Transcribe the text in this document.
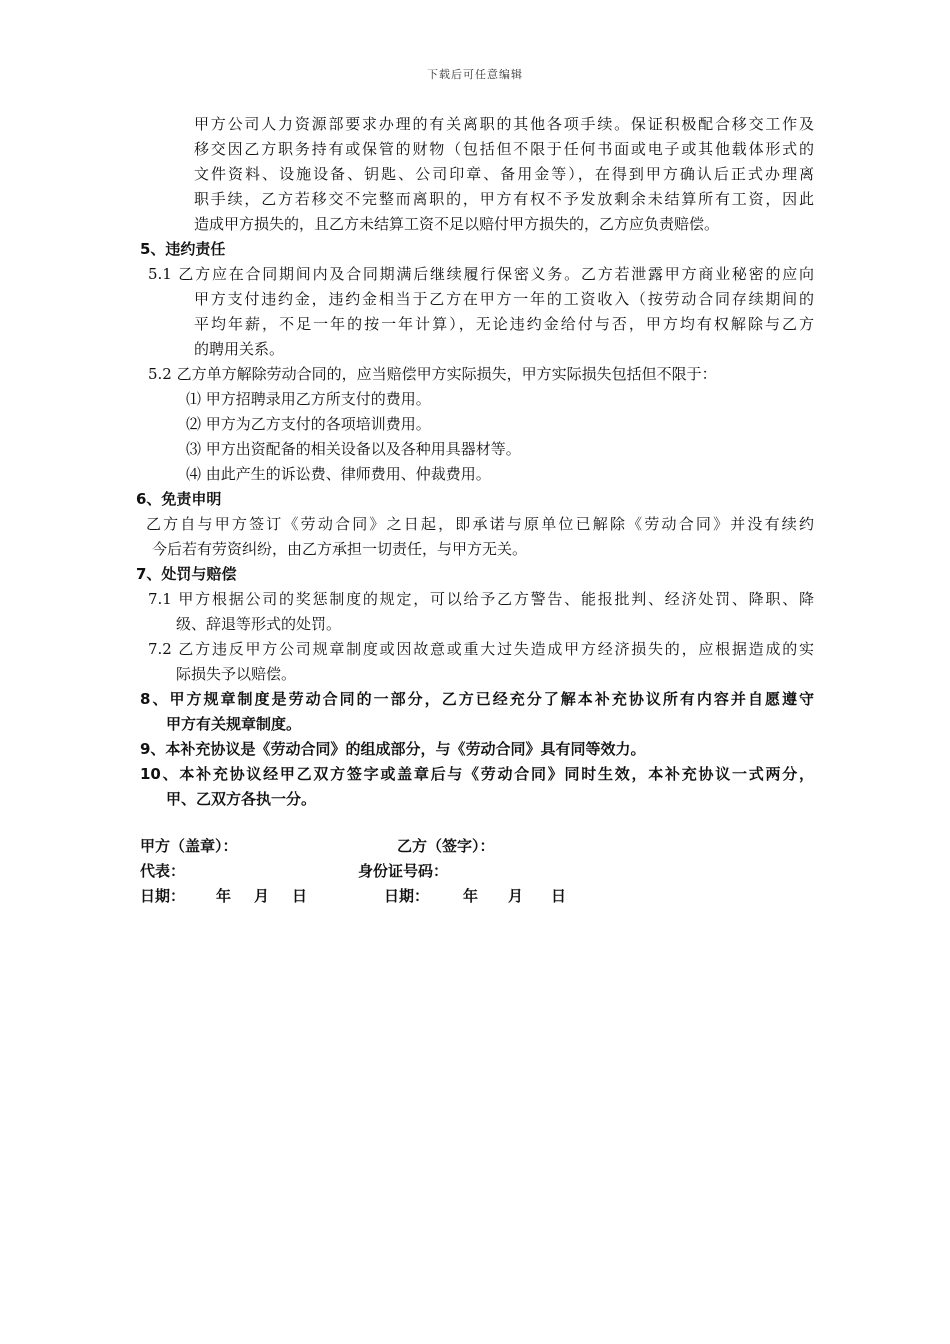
下载后可任意编辑
甲方公司人力资源部要求办理的有关离职的其他各项手续。保证积极配合移交工作及
移交因乙方职务持有或保管的财物（包括但不限于任何书面或电子或其他载体形式的
文件资料、设施设备、钥匙、公司印章、备用金等），在得到甲方确认后正式办理离
职手续，乙方若移交不完整而离职的，甲方有权不予发放剩余未结算所有工资，因此
造成甲方损失的，且乙方未结算工资不足以赔付甲方损失的，乙方应负责赔偿。
5、违约责任
5.1 乙方应在合同期间内及合同期满后继续履行保密义务。乙方若泄露甲方商业秘密的应向
甲方支付违约金，违约金相当于乙方在甲方一年的工资收入（按劳动合同存续期间的
平均年薪，不足一年的按一年计算），无论违约金给付与否，甲方均有权解除与乙方
的聘用关系。
5.2 乙方单方解除劳动合同的，应当赔偿甲方实际损失，甲方实际损失包括但不限于：
⑴ 甲方招聘录用乙方所支付的费用。
⑵ 甲方为乙方支付的各项培训费用。
⑶ 甲方出资配备的相关设备以及各种用具器材等。
⑷ 由此产生的诉讼费、律师费用、仲裁费用。
6、免责申明
乙方自与甲方签订《劳动合同》之日起，即承诺与原单位已解除《劳动合同》并没有续约
今后若有劳资纠纷，由乙方承担一切责任，与甲方无关。
7、处罚与赔偿
7.1 甲方根据公司的奖惩制度的规定，可以给予乙方警告、能报批判、经济处罚、降职、降
级、辞退等形式的处罚。
7.2 乙方违反甲方公司规章制度或因故意或重大过失造成甲方经济损失的，应根据造成的实
际损失予以赔偿。
8、甲方规章制度是劳动合同的一部分，乙方已经充分了解本补充协议所有内容并自愿遵守
甲方有关规章制度。
9、本补充协议是《劳动合同》的组成部分，与《劳动合同》具有同等效力。
10、本补充协议经甲乙双方签字或盖章后与《劳动合同》同时生效，本补充协议一式两分，
甲、乙双方各执一分。
甲方（盖章）：	乙方（签字）：
代表：	身份证号码：
日期： 年 月 日	日期： 年 月 日
